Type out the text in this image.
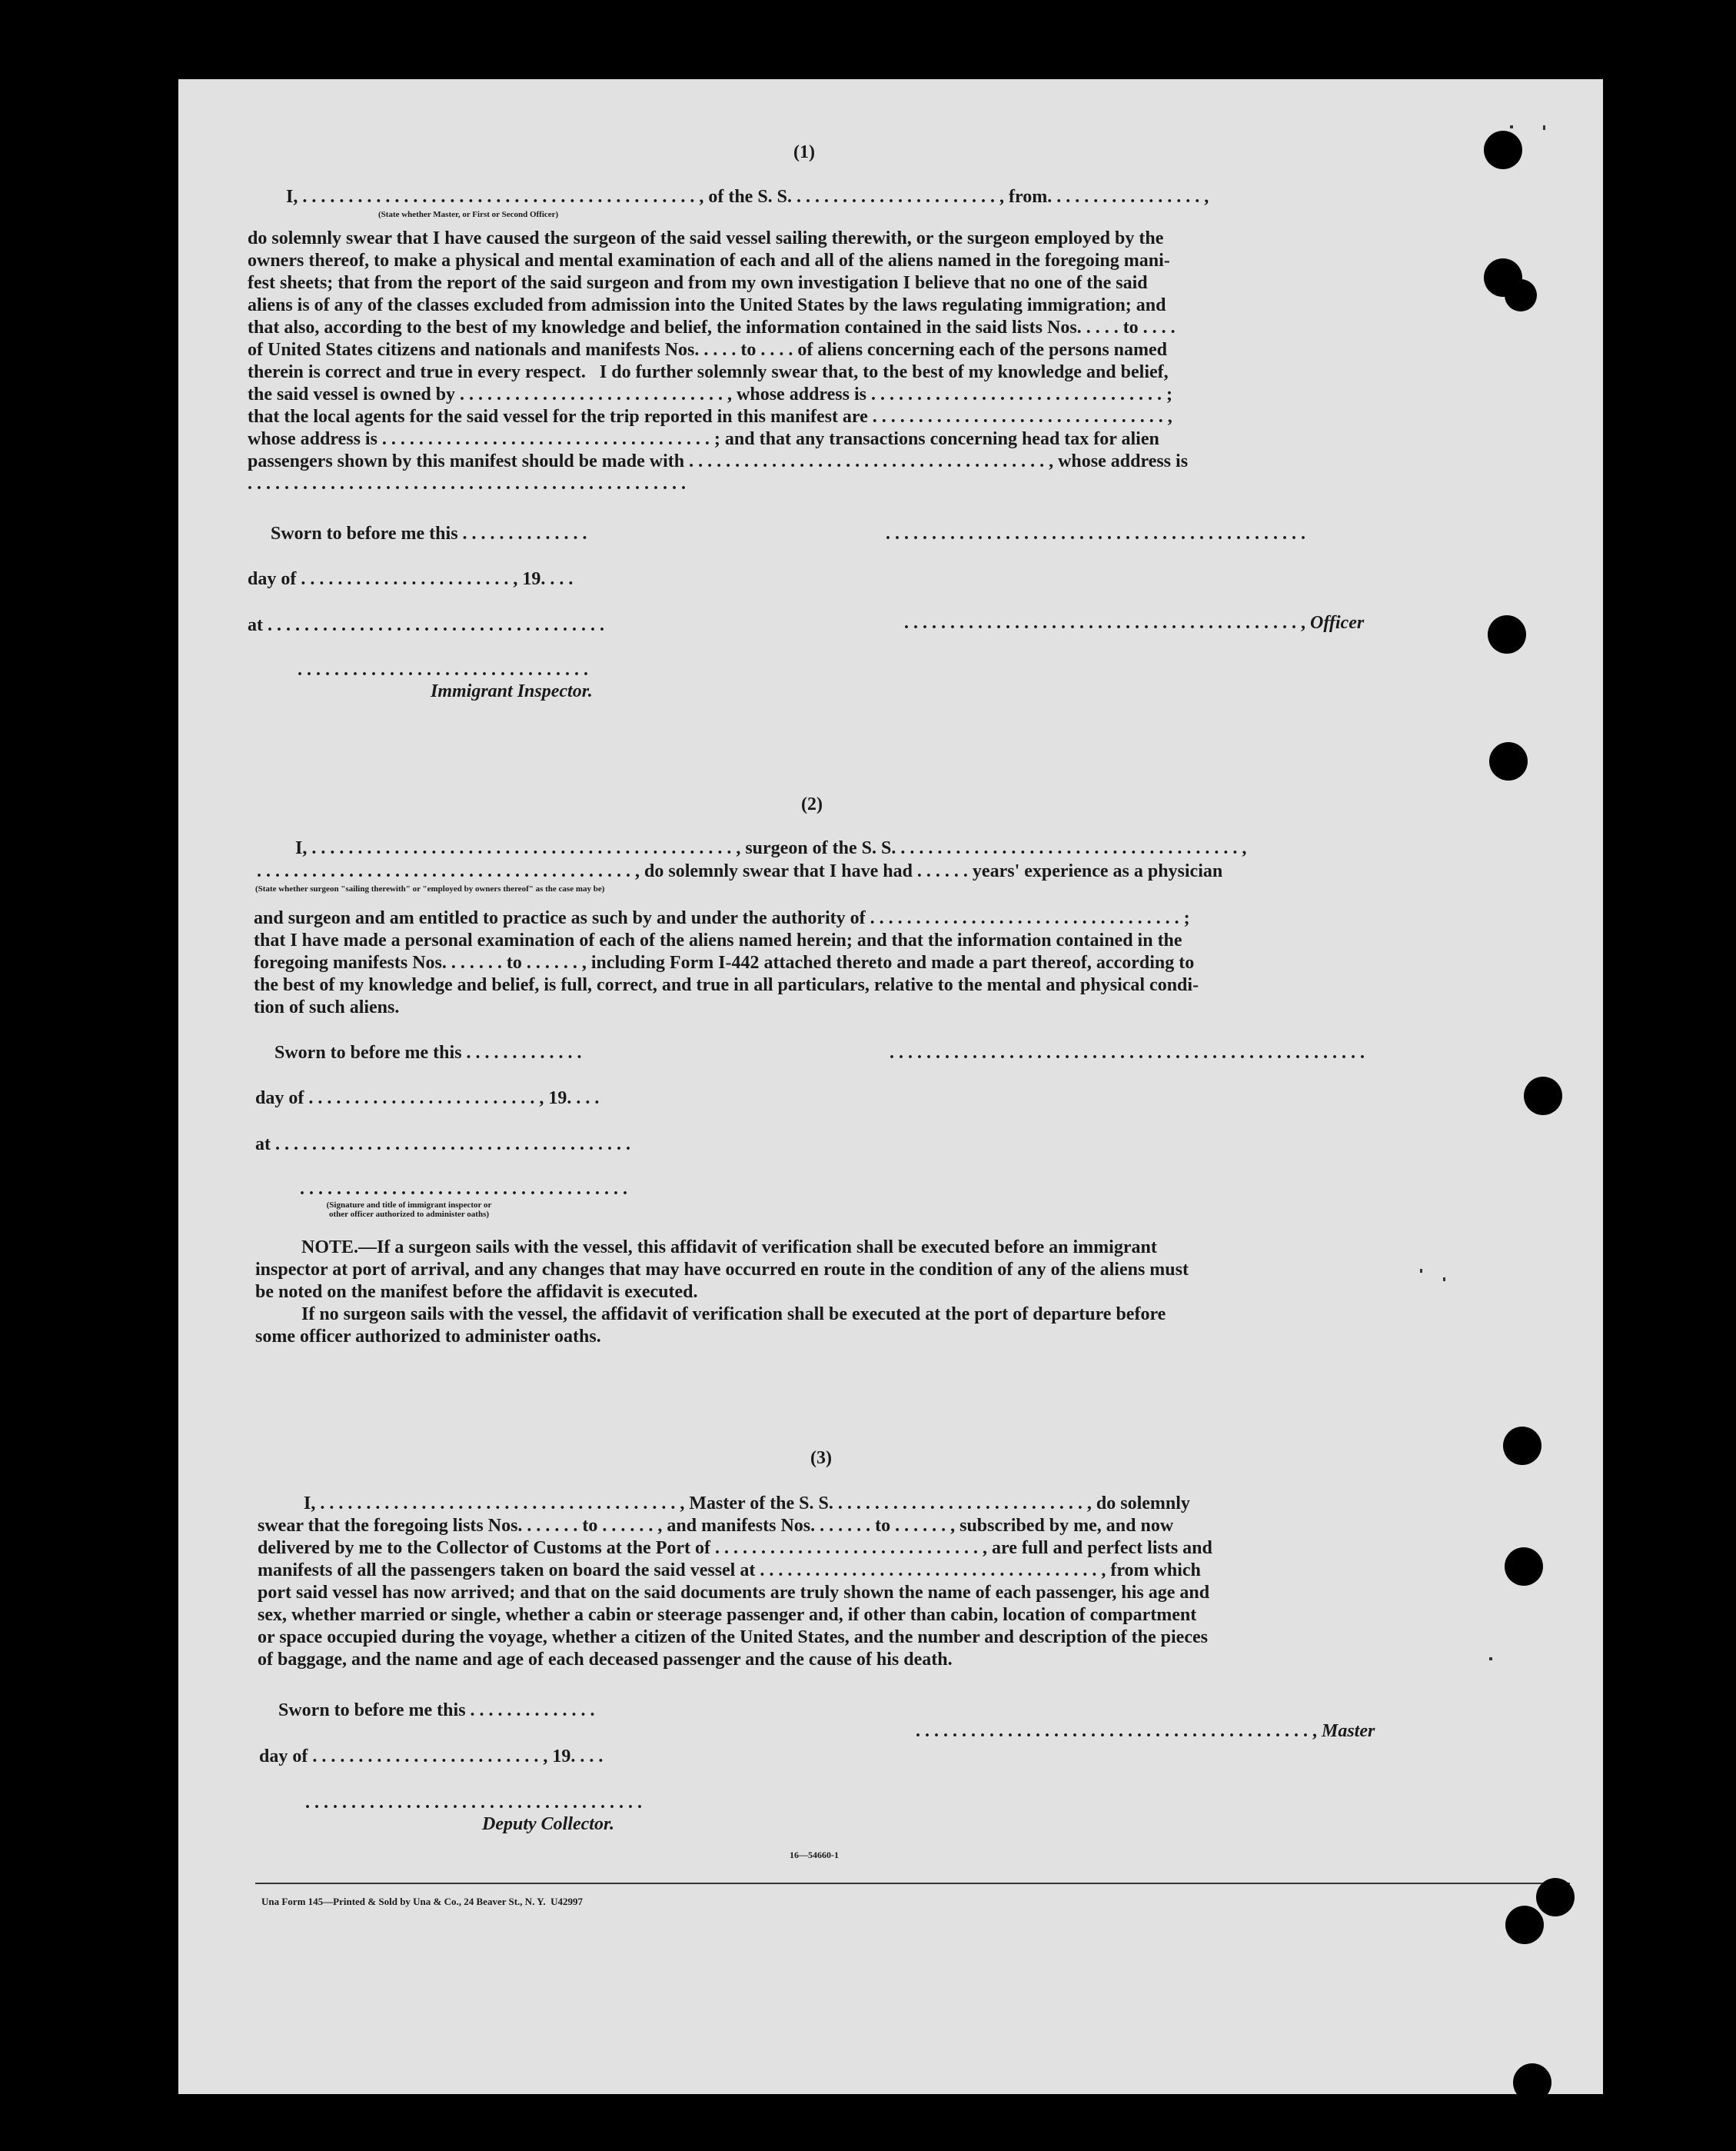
(1)
I, . . . . . . . . . . . . . . . . . . . . . . . . . . . . . . . . . . . . . . . . . . . , of the S. S. . . . . . . . . . . . . . . . . . . . . . . , from. . . . . . . . . . . . . . . . . ,
(State whether Master, or First or Second Officer)
do solemnly swear that I have caused the surgeon of the said vessel sailing therewith, or the surgeon employed by the
owners thereof, to make a physical and mental examination of each and all of the aliens named in the foregoing mani-
fest sheets; that from the report of the said surgeon and from my own investigation I believe that no one of the said
aliens is of any of the classes excluded from admission into the United States by the laws regulating immigration; and
that also, according to the best of my knowledge and belief, the information contained in the said lists Nos. . . . . to . . . .
of United States citizens and nationals and manifests Nos. . . . . to . . . . of aliens concerning each of the persons named
therein is correct and true in every respect.   I do further solemnly swear that, to the best of my knowledge and belief,
the said vessel is owned by . . . . . . . . . . . . . . . . . . . . . . . . . . . . . , whose address is . . . . . . . . . . . . . . . . . . . . . . . . . . . . . . . . ;
that the local agents for the said vessel for the trip reported in this manifest are . . . . . . . . . . . . . . . . . . . . . . . . . . . . . . . . ,
whose address is . . . . . . . . . . . . . . . . . . . . . . . . . . . . . . . . . . . . ; and that any transactions concerning head tax for alien
passengers shown by this manifest should be made with . . . . . . . . . . . . . . . . . . . . . . . . . . . . . . . . . . . . . . . , whose address is
. . . . . . . . . . . . . . . . . . . . . . . . . . . . . . . . . . . . . . . . . . . . . . . .
Sworn to before me this . . . . . . . . . . . . . .
day of . . . . . . . . . . . . . . . . . . . . . . . , 19. . . .
at . . . . . . . . . . . . . . . . . . . . . . . . . . . . . . . . . . . . .
. . . . . . . . . . . . . . . . . . . . . . . . . . . . . . . .
Immigrant Inspector.
. . . . . . . . . . . . . . . . . . . . . . . . . . . . . . . . . . . . . . . . . . . . . .

. . . . . . . . . . . . . . . . . . . . . . . . . . . . . . . . . . . . . . . . . . . , Officer

(2)
I, . . . . . . . . . . . . . . . . . . . . . . . . . . . . . . . . . . . . . . . . . . . . . . , surgeon of the S. S. . . . . . . . . . . . . . . . . . . . . . . . . . . . . . . . . . . . . . ,
. . . . . . . . . . . . . . . . . . . . . . . . . . . . . . . . . . . . . . . . . , do solemnly swear that I have had . . . . . . years' experience as a physician
(State whether surgeon "sailing therewith" or "employed by owners thereof" as the case may be)
and surgeon and am entitled to practice as such by and under the authority of . . . . . . . . . . . . . . . . . . . . . . . . . . . . . . . . . . ;
that I have made a personal examination of each of the aliens named herein; and that the information contained in the
foregoing manifests Nos. . . . . . . to . . . . . . , including Form I-442 attached thereto and made a part thereof, according to
the best of my knowledge and belief, is full, correct, and true in all particulars, relative to the mental and physical condi-
tion of such aliens.
Sworn to before me this . . . . . . . . . . . . .
day of . . . . . . . . . . . . . . . . . . . . . . . . . , 19. . . .
at . . . . . . . . . . . . . . . . . . . . . . . . . . . . . . . . . . . . . . .
. . . . . . . . . . . . . . . . . . . . . . . . . . . . . . . . . . . .
(Signature and title of immigrant inspector or other officer authorized to administer oaths)
. . . . . . . . . . . . . . . . . . . . . . . . . . . . . . . . . . . . . . . . . . . . . . . . . . . .
NOTE.—If a surgeon sails with the vessel, this affidavit of verification shall be executed before an immigrant
inspector at port of arrival, and any changes that may have occurred en route in the condition of any of the aliens must
be noted on the manifest before the affidavit is executed.
If no surgeon sails with the vessel, the affidavit of verification shall be executed at the port of departure before
some officer authorized to administer oaths.
(3)
I, . . . . . . . . . . . . . . . . . . . . . . . . . . . . . . . . . . . . . . . , Master of the S. S. . . . . . . . . . . . . . . . . . . . . . . . . . . . , do solemnly
swear that the foregoing lists Nos. . . . . . . to . . . . . . , and manifests Nos. . . . . . . to . . . . . . , subscribed by me, and now
delivered by me to the Collector of Customs at the Port of . . . . . . . . . . . . . . . . . . . . . . . . . . . . . , are full and perfect lists and
manifests of all the passengers taken on board the said vessel at . . . . . . . . . . . . . . . . . . . . . . . . . . . . . . . . . . . . . , from which
port said vessel has now arrived; and that on the said documents are truly shown the name of each passenger, his age and
sex, whether married or single, whether a cabin or steerage passenger and, if other than cabin, location of compartment
or space occupied during the voyage, whether a citizen of the United States, and the number and description of the pieces
of baggage, and the name and age of each deceased passenger and the cause of his death.
Sworn to before me this . . . . . . . . . . . . . .
day of . . . . . . . . . . . . . . . . . . . . . . . . . , 19. . . .
. . . . . . . . . . . . . . . . . . . . . . . . . . . . . . . . . . . . .
Deputy Collector.

. . . . . . . . . . . . . . . . . . . . . . . . . . . . . . . . . . . . . . . . . . . , Master

16—54660-1
Una Form 145—Printed & Sold by Una & Co., 24 Beaver St., N. Y.  U42997
